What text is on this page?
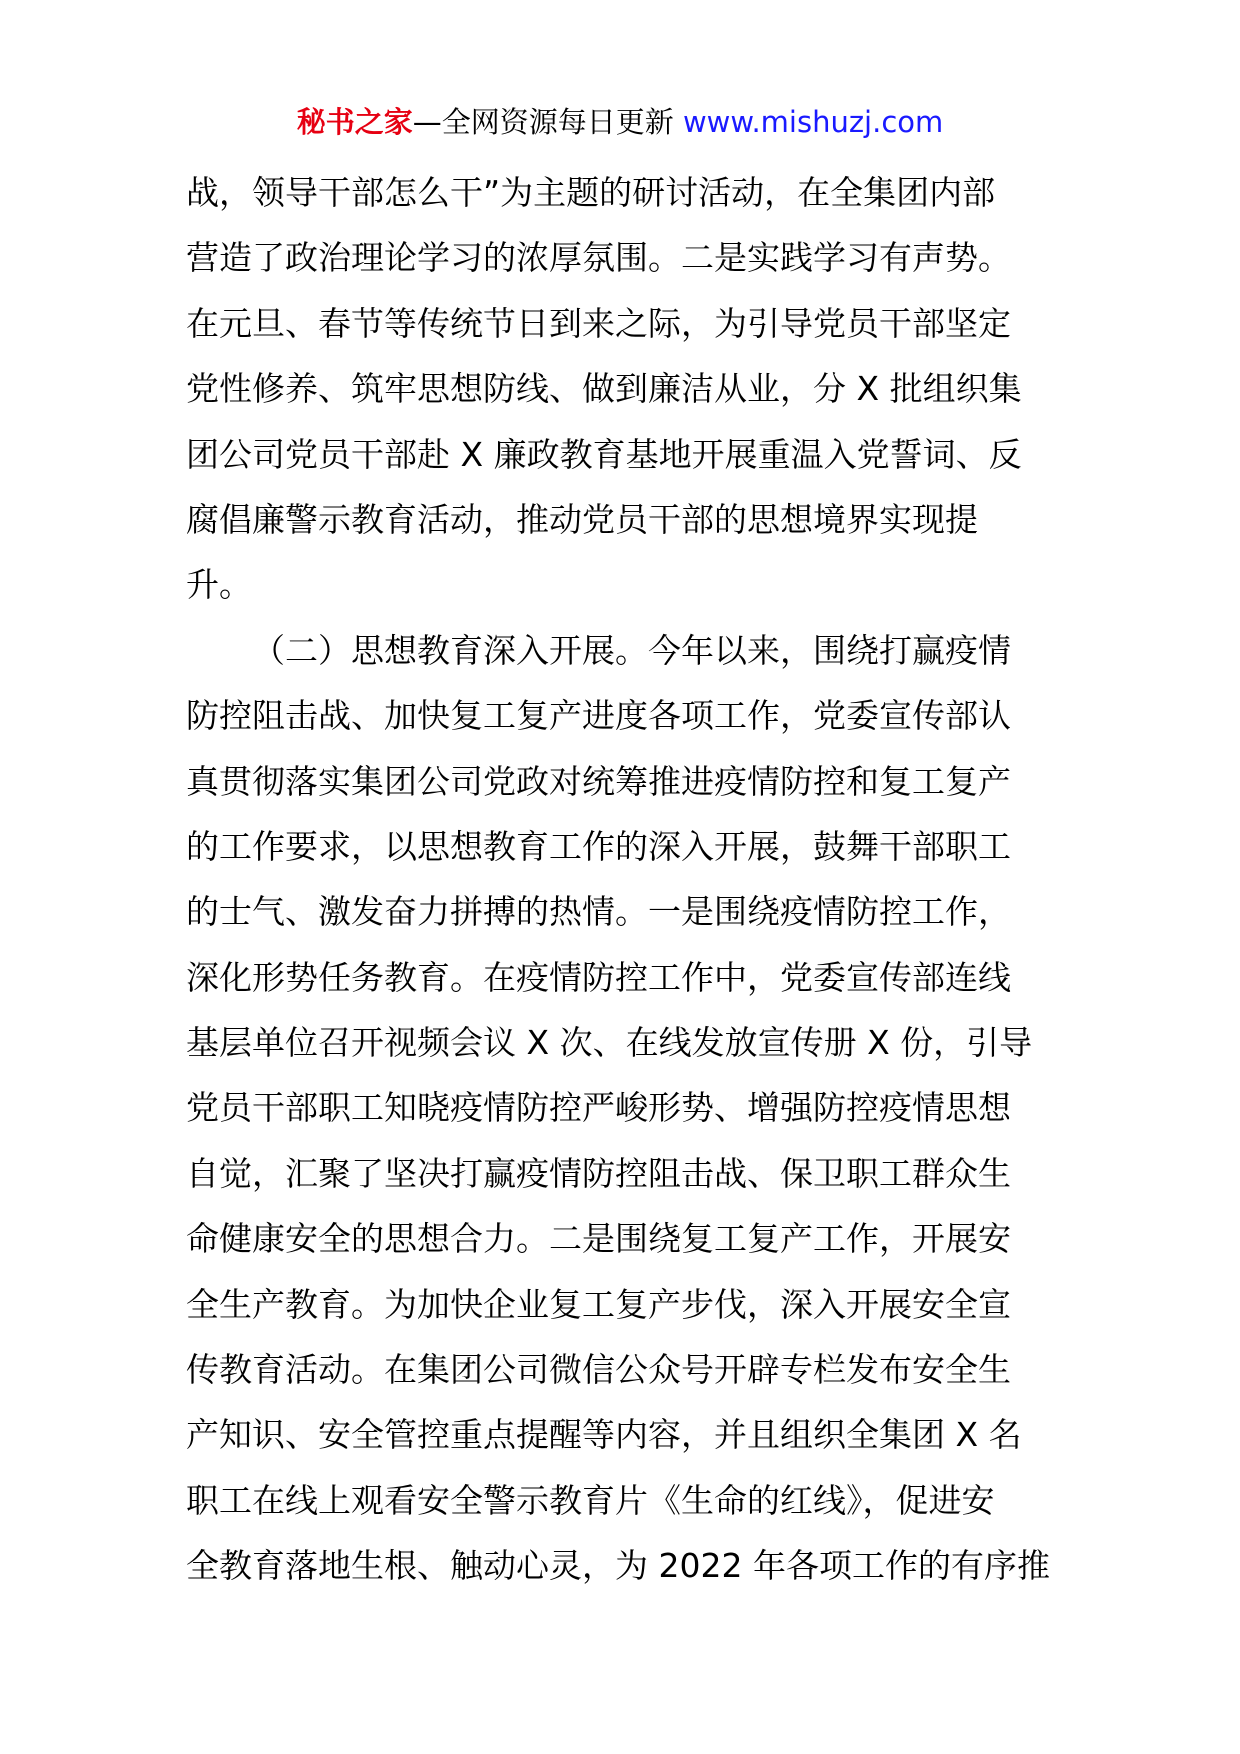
秘书之家—全网资源每日更新 www.mishuzj.com
战，领导干部怎么干”为主题的研讨活动，在全集团内部
营造了政治理论学习的浓厚氛围。二是实践学习有声势。
在元旦、春节等传统节日到来之际，为引导党员干部坚定
党性修养、筑牢思想防线、做到廉洁从业，分 X 批组织集
团公司党员干部赴 X 廉政教育基地开展重温入党誓词、反
腐倡廉警示教育活动，推动党员干部的思想境界实现提
升。
（二）思想教育深入开展。今年以来，围绕打赢疫情
防控阻击战、加快复工复产进度各项工作，党委宣传部认
真贯彻落实集团公司党政对统筹推进疫情防控和复工复产
的工作要求，以思想教育工作的深入开展，鼓舞干部职工
的士气、激发奋力拼搏的热情。一是围绕疫情防控工作，
深化形势任务教育。在疫情防控工作中，党委宣传部连线
基层单位召开视频会议 X 次、在线发放宣传册 X 份，引导
党员干部职工知晓疫情防控严峻形势、增强防控疫情思想
自觉，汇聚了坚决打赢疫情防控阻击战、保卫职工群众生
命健康安全的思想合力。二是围绕复工复产工作，开展安
全生产教育。为加快企业复工复产步伐，深入开展安全宣
传教育活动。在集团公司微信公众号开辟专栏发布安全生
产知识、安全管控重点提醒等内容，并且组织全集团 X 名
职工在线上观看安全警示教育片《生命的红线》，促进安
全教育落地生根、触动心灵，为 2022 年各项工作的有序推
